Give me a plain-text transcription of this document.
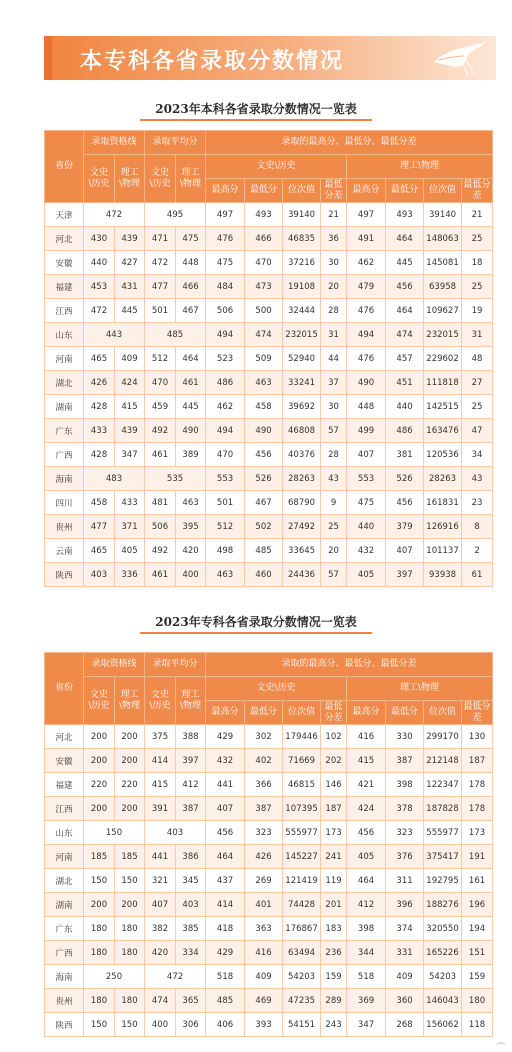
本专科各省录取分数情况
2023年本科各省录取分数情况一览表
省份	录取资格线		录取平均分		录取的最高分、最低分、最低分差							
	文史\历史	理工\物理	文史\历史	理工\物理	文史\历史				理工\物理			
					最高分	最低分	位次值	最低分差	最高分	最低分	位次值	最低分差
天津	472		495		497	493	39140	21	497	493	39140	21
河北	430	439	471	475	476	466	46835	36	491	464	148063	25
安徽	440	427	472	448	475	470	37216	30	462	445	145081	18
福建	453	431	477	466	484	473	19108	20	479	456	63958	25
江西	472	445	501	467	506	500	32444	28	476	464	109627	19
山东	443		485		494	474	232015	31	494	474	232015	31
河南	465	409	512	464	523	509	52940	44	476	457	229602	48
湖北	426	424	470	461	486	463	33241	37	490	451	111818	27
湖南	428	415	459	445	462	458	39692	30	448	440	142515	25
广东	433	439	492	490	494	490	46808	57	499	486	163476	47
广西	428	347	461	389	470	456	40376	28	407	381	120536	34
海南	483		535		553	526	28263	43	553	526	28263	43
四川	458	433	481	463	501	467	68790	9	475	456	161831	23
贵州	477	371	506	395	512	502	27492	25	440	379	126916	8
云南	465	405	492	420	498	485	33645	20	432	407	101137	2
陕西	403	336	461	400	463	460	24436	57	405	397	93938	61
2023年专科各省录取分数情况一览表
省份	录取资格线		录取平均分		录取的最高分、最低分、最低分差							
	文史\历史	理工\物理	文史\历史	理工\物理	文史\历史				理工\物理			
					最高分	最低分	位次值	最低分差	最高分	最低分	位次值	最低分差
河北	200	200	375	388	429	302	179446	102	416	330	299170	130
安徽	200	200	414	397	432	402	71669	202	415	387	212148	187
福建	220	220	415	412	441	366	46815	146	421	398	122347	178
江西	200	200	391	387	407	387	107395	187	424	378	187828	178
山东	150		403		456	323	555977	173	456	323	555977	173
河南	185	185	441	386	464	426	145227	241	405	376	375417	191
湖北	150	150	321	345	437	269	121419	119	464	311	192795	161
湖南	200	200	407	403	414	401	74428	201	412	396	188276	196
广东	180	180	382	385	418	363	176867	183	398	374	320550	194
广西	180	180	420	334	429	416	63494	236	344	331	165226	151
海南	250		472		518	409	54203	159	518	409	54203	159
贵州	180	180	474	365	485	469	47235	289	369	360	146043	180
陕西	150	150	400	306	406	393	54151	243	347	268	156062	118
